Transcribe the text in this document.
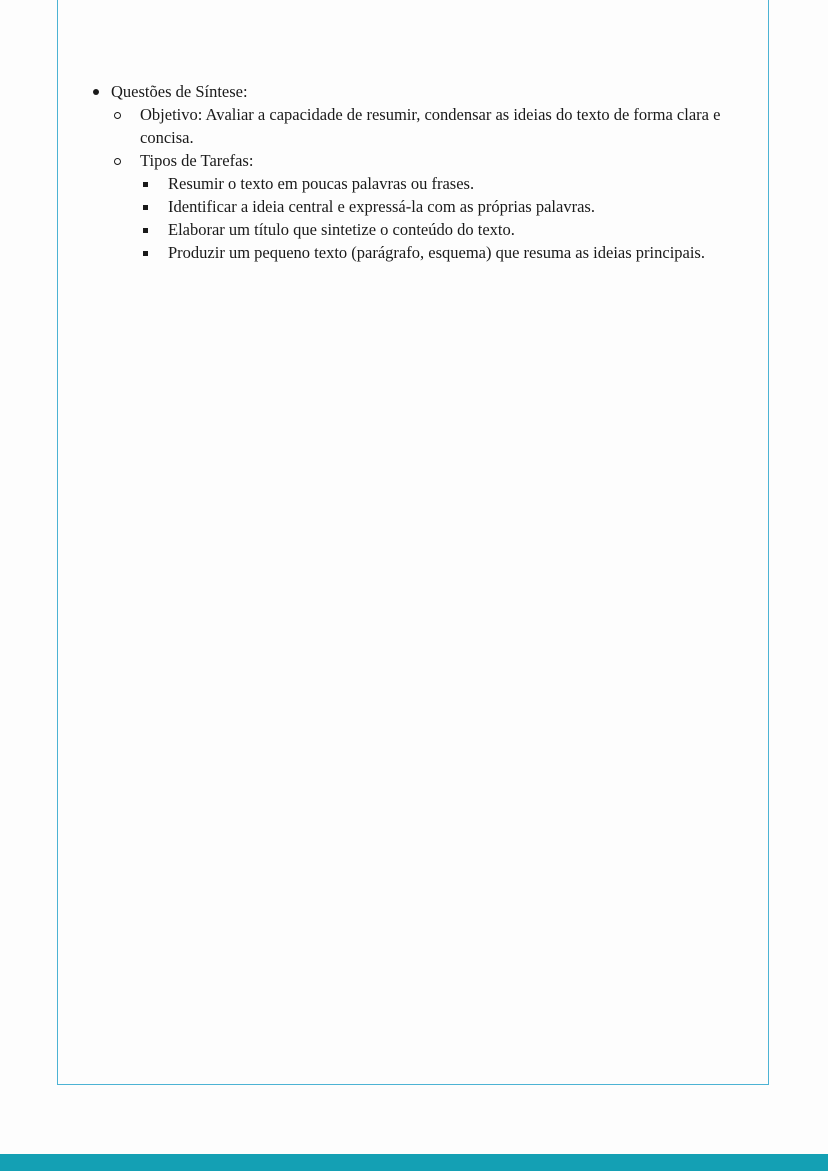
Questões de Síntese:
Objetivo: Avaliar a capacidade de resumir, condensar as ideias do texto de forma clara e concisa.
Tipos de Tarefas:
Resumir o texto em poucas palavras ou frases.
Identificar a ideia central e expressá-la com as próprias palavras.
Elaborar um título que sintetize o conteúdo do texto.
Produzir um pequeno texto (parágrafo, esquema) que resuma as ideias principais.
